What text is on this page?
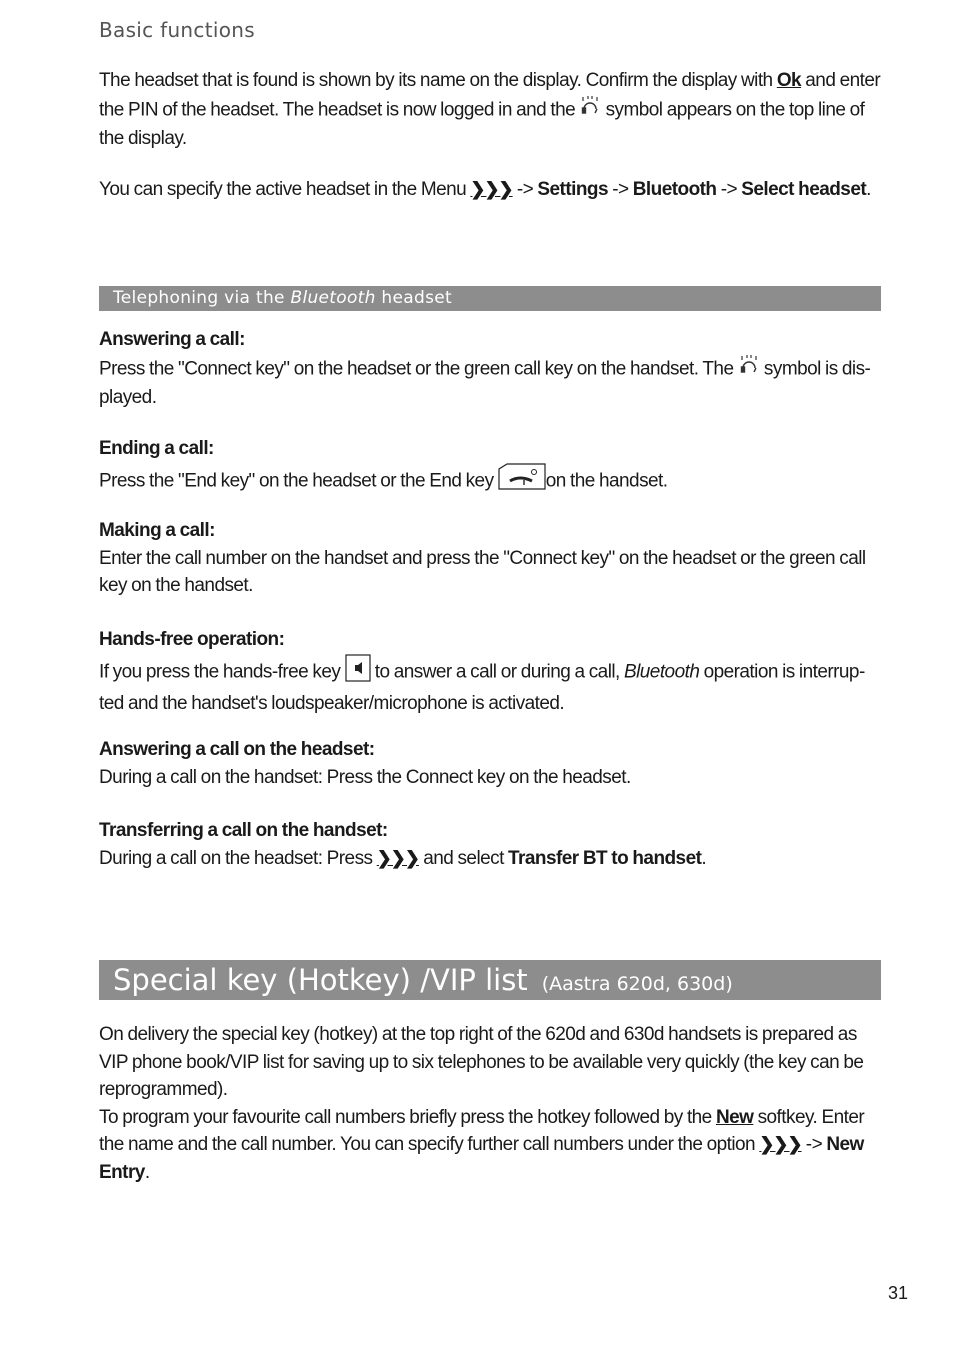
Basic functions
The headset that is found is shown by its name on the display. Confirm the display with Ok and enter the PIN of the headset. The headset is now logged in and the  symbol appears on the top line of the display.
You can specify the active headset in the Menu ❯❯❯ -> Settings -> Bluetooth -> Select headset.
Telephoning via the Bluetooth headset
Answering a call:
Press the "Connect key" on the headset or the green call key on the handset. The  symbol is dis-played.
Ending a call:
Press the "End key" on the headset or the End key	on the handset.
Making a call:
Enter the call number on the handset and press the "Connect key" on the headset or the green call key on the handset.
Hands-free operation:
If you press the hands-free key  to answer a call or during a call, Bluetooth operation is interrup-ted and the handset's loudspeaker/microphone is activated.
Answering a call on the headset:
During a call on the handset: Press the Connect key on the headset.
Transferring a call on the handset:
During a call on the headset: Press ❯❯❯ and select Transfer BT to handset.
Special key (Hotkey) /VIP list (Aastra 620d, 630d)
On delivery the special key (hotkey) at the top right of the 620d and 630d handsets is prepared as VIP phone book/VIP list for saving up to six telephones to be available very quickly (the key can be reprogrammed).
To program your favourite call numbers briefly press the hotkey followed by the New softkey. Enter the name and the call number. You can specify further call numbers under the option ❯❯❯ -> New Entry.
31
